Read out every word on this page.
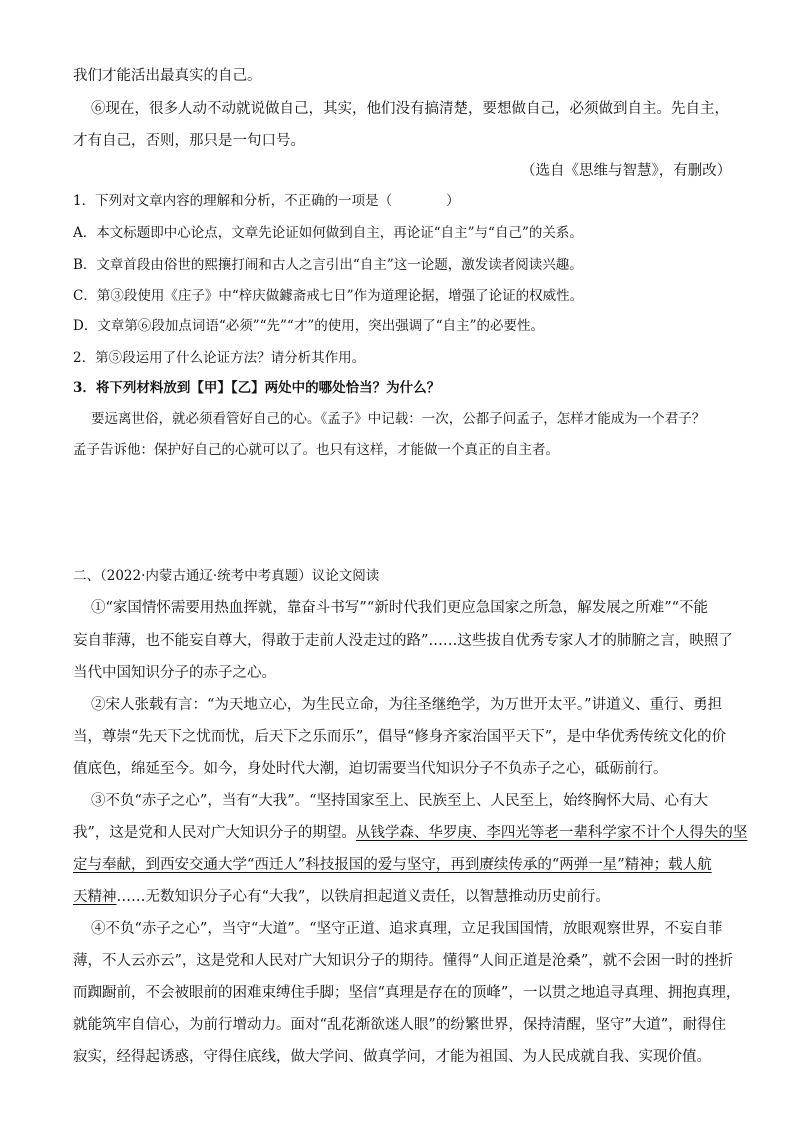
我们才能活出最真实的自己。
⑥现在，很多人动不动就说做自己，其实，他们没有搞清楚，要想做自己，必须做到自主。先自主，
才有自己，否则，那只是一句口号。
（选自《思维与智慧》，有删改）
1．下列对文章内容的理解和分析，不正确的一项是（　　　　）
A．本文标题即中心论点，文章先论证如何做到自主，再论证“自主”与“自己”的关系。
B．文章首段由俗世的熙攘打闹和古人之言引出“自主”这一论题，激发读者阅读兴趣。
C．第③段使用《庄子》中“梓庆做鐻斋戒七日”作为道理论据，增强了论证的权威性。
D．文章第⑥段加点词语“必须”“先”“才”的使用，突出强调了“自主”的必要性。
2．第⑤段运用了什么论证方法？请分析其作用。
3．将下列材料放到【甲】【乙】两处中的哪处恰当？为什么？
要远离世俗，就必须看管好自己的心。《孟子》中记载：一次，公都子问孟子，怎样才能成为一个君子？
孟子告诉他：保护好自己的心就可以了。也只有这样，才能做一个真正的自主者。
二、（2022·内蒙古通辽·统考中考真题）议论文阅读
①“家国情怀需要用热血挥就，靠奋斗书写”“新时代我们更应急国家之所急，解发展之所难”“不能
妄自菲薄，也不能妄自尊大，得敢于走前人没走过的路”……这些拔自优秀专家人才的肺腑之言，映照了
当代中国知识分子的赤子之心。
②宋人张载有言：“为天地立心，为生民立命，为往圣继绝学，为万世开太平。”讲道义、重行、勇担
当，尊崇“先天下之忧而忧，后天下之乐而乐”，倡导“修身齐家治国平天下”，是中华优秀传统文化的价
值底色，绵延至今。如今，身处时代大潮，迫切需要当代知识分子不负赤子之心，砥砺前行。
③不负“赤子之心”，当有“大我”。“坚持国家至上、民族至上、人民至上，始终胸怀大局、心有大
我”，这是党和人民对广大知识分子的期望。从钱学森、华罗庚、李四光等老一辈科学家不计个人得失的坚
定与奉献，到西安交通大学“西迁人”科技报国的爱与坚守，再到赓续传承的“两弹一星”精神；载人航
天精神……无数知识分子心有“大我”，以铁肩担起道义责任，以智慧推动历史前行。
④不负“赤子之心”，当守“大道”。“坚守正道、追求真理，立足我国国情，放眼观察世界，不妄自菲
薄，不人云亦云”，这是党和人民对广大知识分子的期待。懂得“人间正道是沧桑”，就不会困一时的挫折
而踟蹰前，不会被眼前的困难束缚住手脚；坚信“真理是存在的顶峰”，一以贯之地追寻真理、拥抱真理，
就能筑牢自信心，为前行增动力。面对“乱花渐欲迷人眼”的纷繁世界，保持清醒，坚守”大道”，耐得住
寂实，经得起诱惑，守得住底线，做大学问、做真学问，才能为祖国、为人民成就自我、实现价值。
